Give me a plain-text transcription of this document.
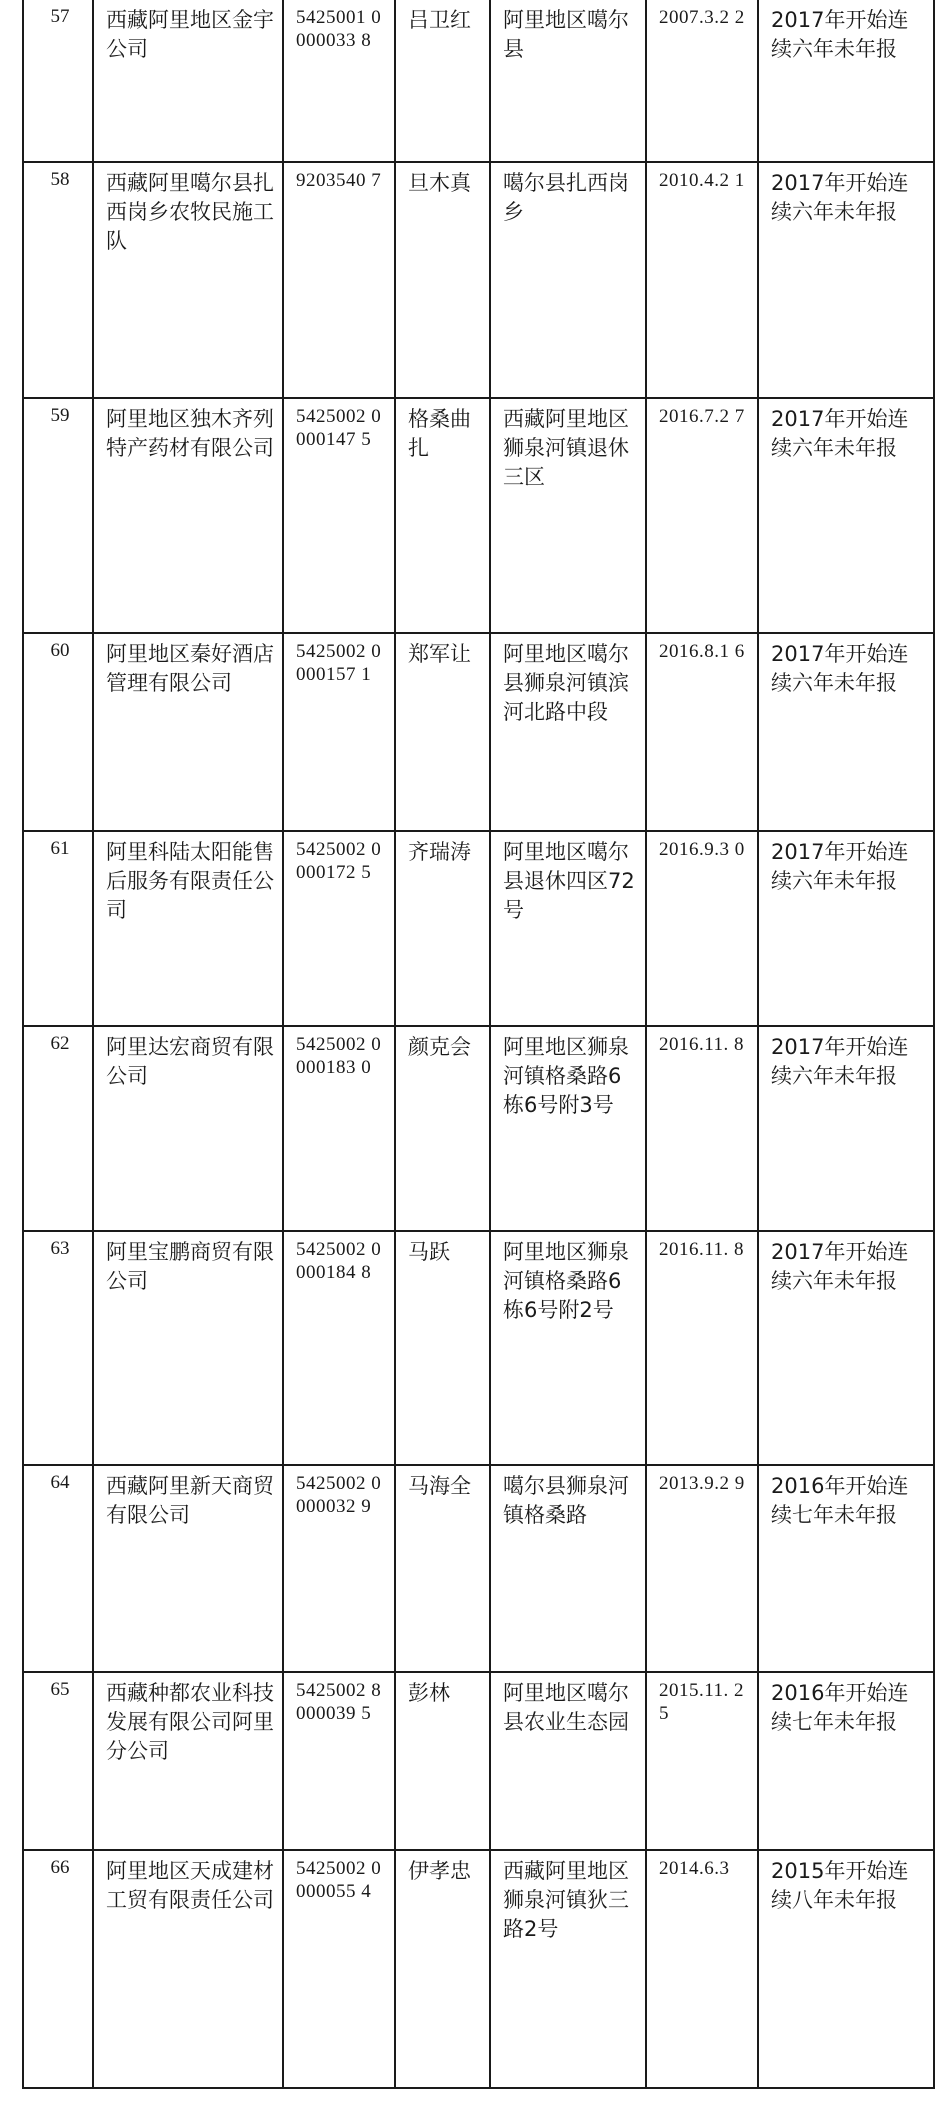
57	西藏阿里地区金宇公司	5425001 0000033 8	吕卫红	阿里地区噶尔县	2007.3.2 2	2017年开始连续六年未年报
58	西藏阿里噶尔县扎西岗乡农牧民施工队	9203540 7	旦木真	噶尔县扎西岗乡	2010.4.2 1	2017年开始连续六年未年报
59	阿里地区独木齐列特产药材有限公司	5425002 0000147 5	格桑曲扎	西藏阿里地区狮泉河镇退休三区	2016.7.2 7	2017年开始连续六年未年报
60	阿里地区秦好酒店管理有限公司	5425002 0000157 1	郑军让	阿里地区噶尔县狮泉河镇滨河北路中段	2016.8.1 6	2017年开始连续六年未年报
61	阿里科陆太阳能售后服务有限责任公司	5425002 0000172 5	齐瑞涛	阿里地区噶尔县退休四区72号	2016.9.3 0	2017年开始连续六年未年报
62	阿里达宏商贸有限公司	5425002 0000183 0	颜克会	阿里地区狮泉河镇格桑路6栋6号附3号	2016.11. 8	2017年开始连续六年未年报
63	阿里宝鹏商贸有限公司	5425002 0000184 8	马跃	阿里地区狮泉河镇格桑路6栋6号附2号	2016.11. 8	2017年开始连续六年未年报
64	西藏阿里新天商贸有限公司	5425002 0000032 9	马海全	噶尔县狮泉河镇格桑路	2013.9.2 9	2016年开始连续七年未年报
65	西藏种都农业科技发展有限公司阿里分公司	5425002 8000039 5	彭林	阿里地区噶尔县农业生态园	2015.11. 25	2016年开始连续七年未年报
66	阿里地区天成建材工贸有限责任公司	5425002 0000055 4	伊孝忠	西藏阿里地区狮泉河镇狄三路2号	2014.6.3	2015年开始连续八年未年报
